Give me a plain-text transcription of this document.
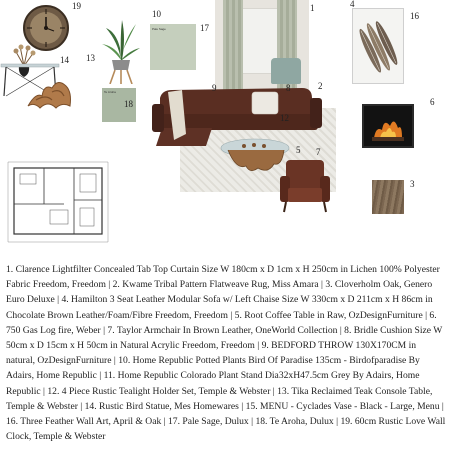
19
13
14
10
Te Aroha
18
Pale Sage	17
1	4
16
2
9	8
12
5
6
7
3
1. Clarence Lightfilter Concealed Tab Top Curtain Size W 180cm x D 1cm x H 250cm in Lichen 100% Polyester Fabric Freedom, Freedom | 2. Kwame Tribal Pattern Flatweave Rug, Miss Amara | 3. Cloverholm Oak, Genero Euro Deluxe | 4. Hamilton 3 Seat Leather Modular Sofa w/ Left Chaise Size W 330cm x D 211cm x H 86cm in Chocolate Brown Leather/Foam/Fibre Freedom, Freedom | 5. Root Coffee Table in Raw, OzDesignFurniture | 6. 750 Gas Log fire, Weber | 7. Taylor Armchair In Brown Leather, OneWorld Collection | 8. Bridle Cushion Size W 50cm x D 15cm x H 50cm in Natural Acrylic Freedom, Freedom | 9. BEDFORD THROW 130X170CM in natural, OzDesignFurniture | 10. Home Republic Potted Plants Bird Of Paradise 135cm - Birdofparadise By Adairs, Home Republic | 11. Home Republic Colorado Plant Stand Dia32xH47.5cm Grey By Adairs, Home Republic | 12. 4 Piece Rustic Tealight Holder Set, Temple & Webster | 13. Tika Reclaimed Teak Console Table, Temple & Webster | 14. Rustic Bird Statue, Mes Homewares | 15. MENU - Cyclades Vase - Black - Large, Menu | 16. Three Feather Wall Art, April & Oak | 17. Pale Sage, Dulux | 18. Te Aroha, Dulux | 19. 60cm Rustic Love Wall Clock, Temple & Webster
